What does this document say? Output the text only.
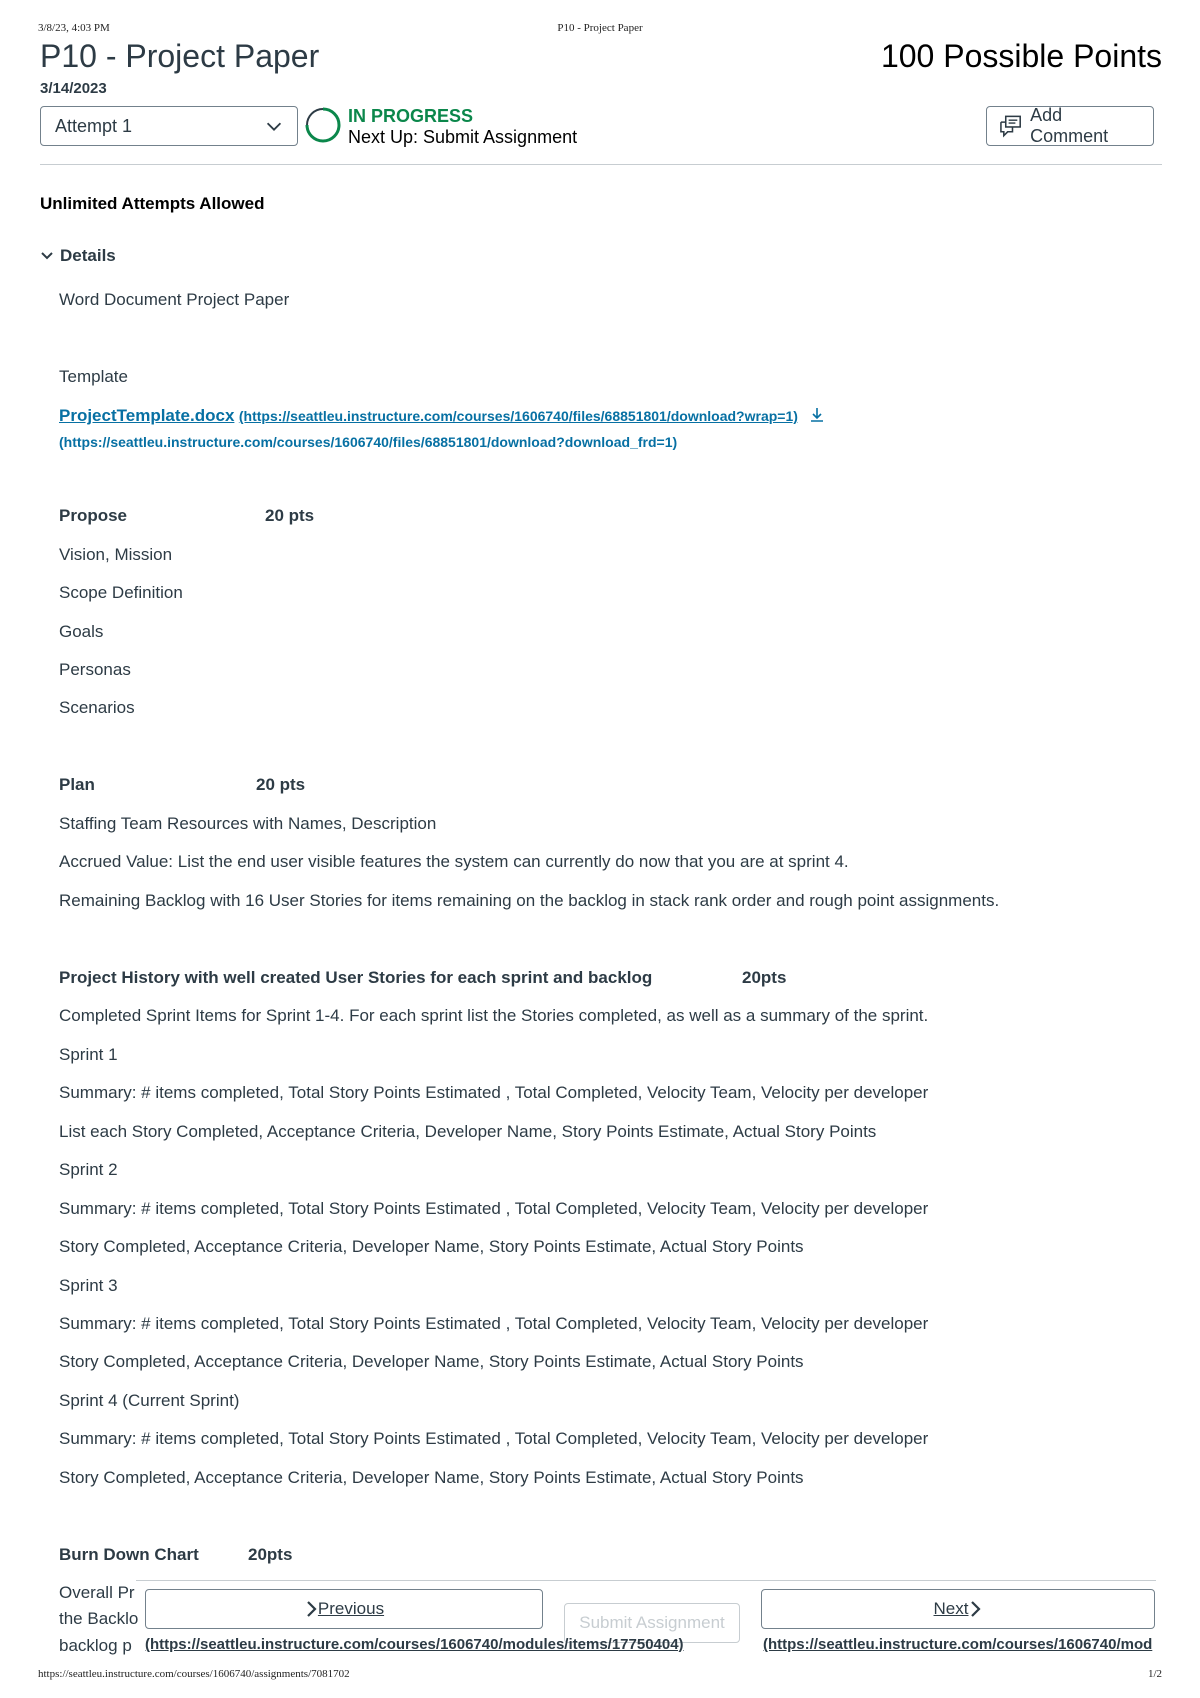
3/8/23, 4:03 PM	P10 - Project Paper
P10 - Project Paper	100 Possible Points
3/14/2023
Attempt 1	IN PROGRESS
Next Up: Submit Assignment
Add Comment
Unlimited Attempts Allowed
Details
Word Document Project Paper
Template
ProjectTemplate.docx (https://seattleu.instructure.com/courses/1606740/files/68851801/download?wrap=1)
(https://seattleu.instructure.com/courses/1606740/files/68851801/download?download_frd=1)
Propose	20 pts
Vision, Mission
Scope Definition
Goals
Personas
Scenarios
Plan	20 pts
Staffing Team Resources with Names, Description
Accrued Value: List the end user visible features the system can currently do now that you are at sprint 4.
Remaining Backlog with 16 User Stories for items remaining on the backlog in stack rank order and rough point assignments.
Project History with well created User Stories for each sprint and backlog	20pts
Completed Sprint Items for Sprint 1-4. For each sprint list the Stories completed, as well as a summary of the sprint.
Sprint 1
Summary: # items completed, Total Story Points Estimated , Total Completed, Velocity Team, Velocity per developer
List each Story Completed, Acceptance Criteria, Developer Name, Story Points Estimate, Actual Story Points
Sprint 2
Summary: # items completed, Total Story Points Estimated , Total Completed, Velocity Team, Velocity per developer
Story Completed, Acceptance Criteria, Developer Name, Story Points Estimate, Actual Story Points
Sprint 3
Summary: # items completed, Total Story Points Estimated , Total Completed, Velocity Team, Velocity per developer
Story Completed, Acceptance Criteria, Developer Name, Story Points Estimate, Actual Story Points
Sprint 4 (Current Sprint)
Summary: # items completed, Total Story Points Estimated , Total Completed, Velocity Team, Velocity per developer
Story Completed, Acceptance Criteria, Developer Name, Story Points Estimate, Actual Story Points
Burn Down Chart	20pts
Overall Pr
the Backlo
backlog p
Previous
Submit Assignment
Next
(https://seattleu.instructure.com/courses/1606740/modules/items/17750404)	(https://seattleu.instructure.com/courses/1606740/mod
https://seattleu.instructure.com/courses/1606740/assignments/7081702	1/2
